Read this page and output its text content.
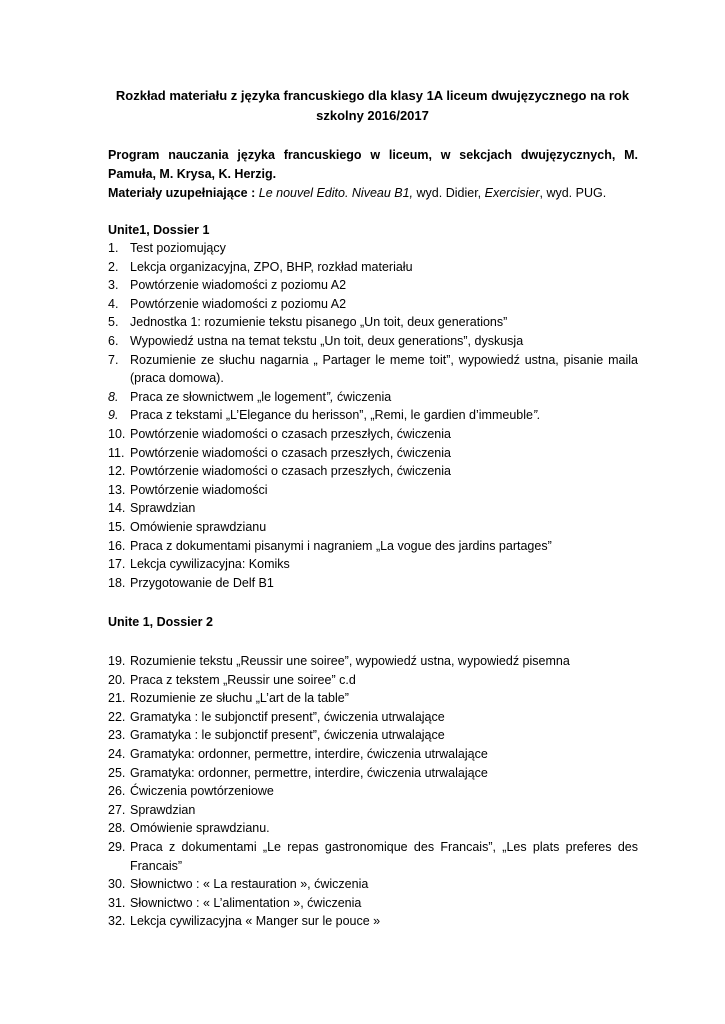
Rozkład materiału z języka francuskiego dla klasy 1A liceum dwujęzycznego na rok
szkolny 2016/2017
Program nauczania języka francuskiego w liceum, w sekcjach dwujęzycznych, M. Pamuła, M. Krysa, K. Herzig.
Materiały uzupełniające : Le nouvel Edito. Niveau B1, wyd. Didier, Exercisier, wyd. PUG.
Unite1, Dossier 1
1. Test poziomujący
2. Lekcja organizacyjna, ZPO, BHP, rozkład materiału
3. Powtórzenie wiadomości z poziomu A2
4. Powtórzenie wiadomości z poziomu A2
5. Jednostka 1: rozumienie tekstu pisanego „Un toit, deux generations”
6. Wypowiedź ustna na temat tekstu „Un toit, deux generations”, dyskusja
7. Rozumienie ze słuchu nagarnia „ Partager le meme toit”, wypowiedź ustna, pisanie maila (praca domowa).
8. Praca ze słownictwem „le logement”, ćwiczenia
9. Praca z tekstami „L’Elegance du herisson”, „Remi, le gardien d’immeuble”.
10. Powtórzenie wiadomości o czasach przeszłych, ćwiczenia
11. Powtórzenie wiadomości o czasach przeszłych, ćwiczenia
12. Powtórzenie wiadomości o czasach przeszłych, ćwiczenia
13. Powtórzenie wiadomości
14. Sprawdzian
15. Omówienie sprawdzianu
16. Praca z dokumentami pisanymi i nagraniem „La vogue des jardins partages”
17. Lekcja cywilizacyjna: Komiks
18. Przygotowanie de Delf B1
Unite 1, Dossier 2
19. Rozumienie tekstu „Reussir une soiree”, wypowiedź ustna, wypowiedź pisemna
20. Praca z tekstem „Reussir une soiree” c.d
21. Rozumienie ze słuchu „L’art de la table”
22. Gramatyka : le subjonctif present”, ćwiczenia utrwalające
23. Gramatyka : le subjonctif present”, ćwiczenia utrwalające
24. Gramatyka: ordonner, permettre, interdire, ćwiczenia utrwalające
25. Gramatyka: ordonner, permettre, interdire, ćwiczenia utrwalające
26. Ćwiczenia powtórzeniowe
27. Sprawdzian
28. Omówienie sprawdzianu.
29. Praca z dokumentami „Le repas gastronomique des Francais”, „Les plats preferes des Francais”
30. Słownictwo : « La restauration », ćwiczenia
31. Słownictwo : « L’alimentation », ćwiczenia
32. Lekcja cywilizacyjna « Manger sur le pouce »
